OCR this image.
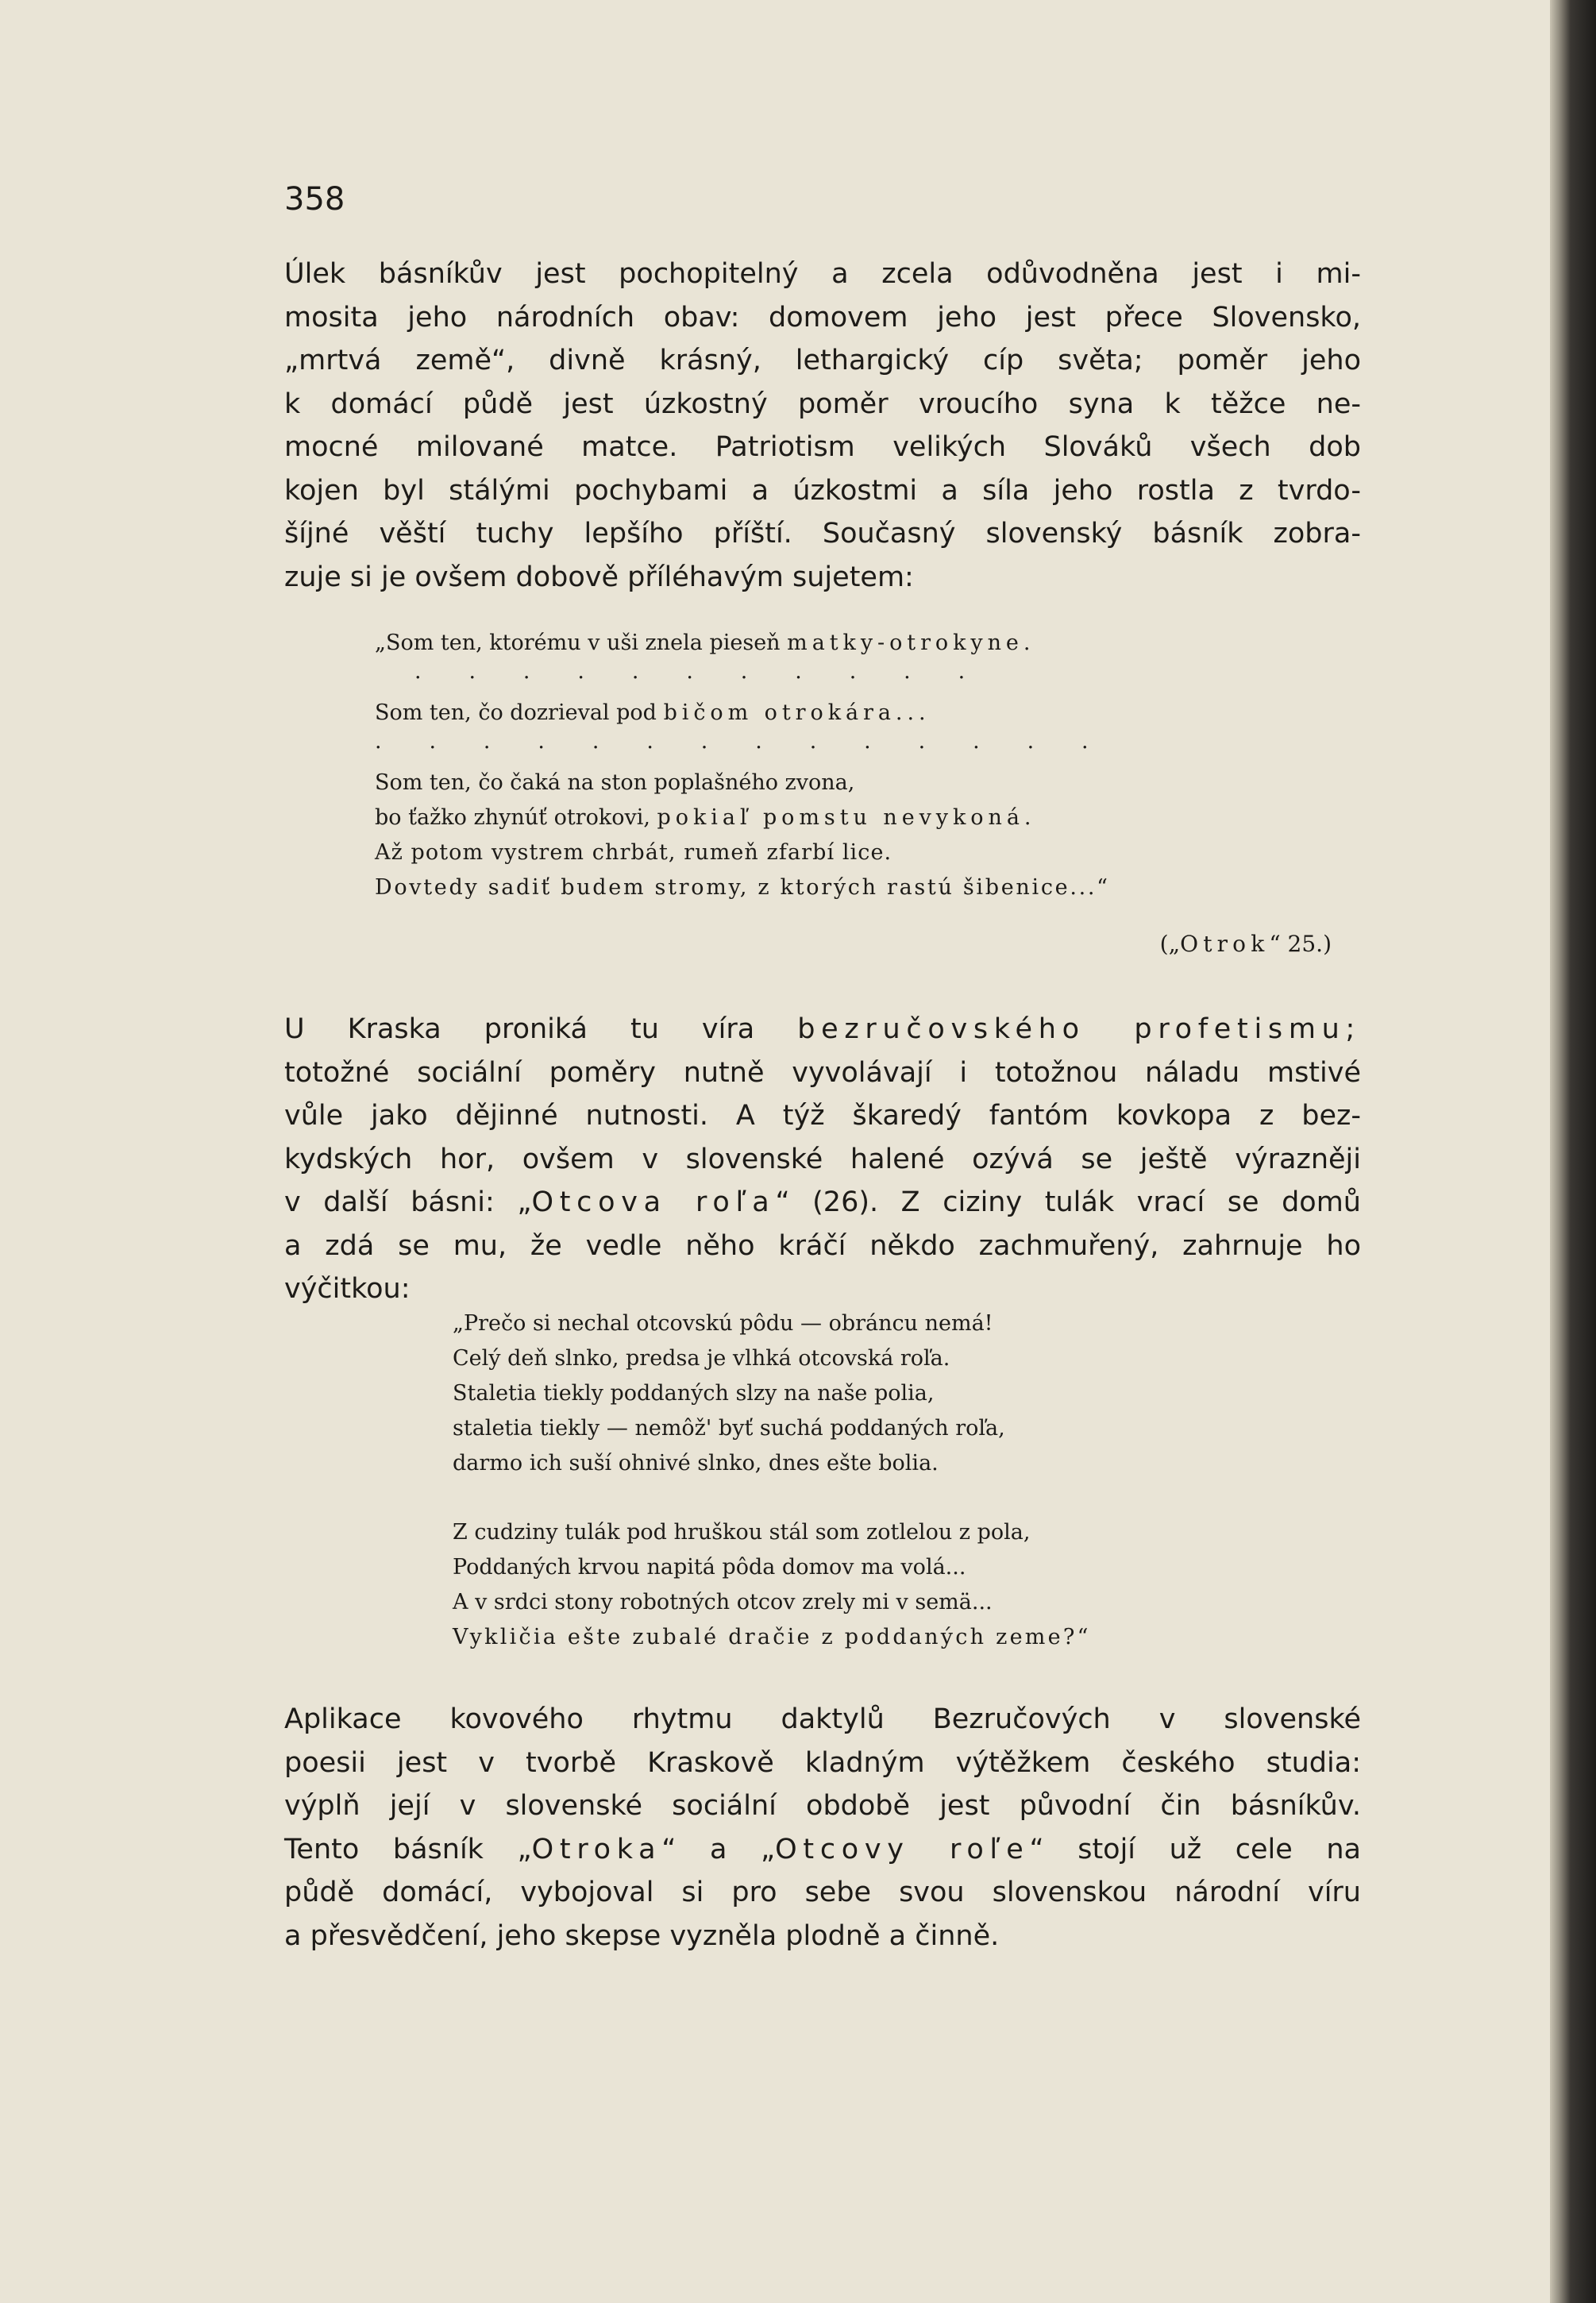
358

Úlek básníkův jest pochopitelný a zcela odůvodněna jest i mi-
mosita jeho národních obav: domovem jeho jest přece Slovensko,
„mrtvá země“, divně krásný, lethargický cíp světa; poměr jeho
k domácí půdě jest úzkostný poměr vroucího syna k těžce ne-
mocné milované matce. Patriotism velikých Slováků všech dob
kojen byl stálými pochybami a úzkostmi a síla jeho rostla z tvrdo-
šíjné věští tuchy lepšího příští. Současný slovenský básník zobra-
zuje si je ovšem dobově příléhavým sujetem:

„Som ten, ktorému v uši znela pieseň matky-otrokyne.
· · · · · · · · · · ·
Som ten, čo dozrieval pod bičom otrokára...
· · · · · · · · · · · · · ·
Som ten, čo čaká na ston poplašného zvona,
bo ťažko zhynúť otrokovi, pokiaľ pomstu nevykoná.
Až potom vystrem chrbát, rumeň zfarbí lice.
Dovtedy sadiť budem stromy, z ktorých rastú šibenice...“
(„Otrok“ 25.)

U Kraska proniká tu víra bezručovského profetismu;
totožné sociální poměry nutně vyvolávají i totožnou náladu mstivé
vůle jako dějinné nutnosti. A týž škaredý fantóm kovkopa z bez-
kydských hor, ovšem v slovenské halené ozývá se ještě výrazněji
v další básni: „Otcova roľa“ (26). Z ciziny tulák vrací se domů
a zdá se mu, že vedle něho kráčí někdo zachmuřený, zahrnuje ho
výčitkou:

„Prečo si nechal otcovskú pôdu — obráncu nemá!
Celý deň slnko, predsa je vlhká otcovská roľa.
Staletia tiekly poddaných slzy na naše polia,
staletia tiekly — nemôž' byť suchá poddaných roľa,
darmo ich suší ohnivé slnko, dnes ešte bolia.
Z cudziny tulák pod hruškou stál som zotlelou z pola,
Poddaných krvou napitá pôda domov ma volá...
A v srdci stony robotných otcov zrely mi v semä...
Vykličia ešte zubalé dračie z poddaných zeme?“

Aplikace kovového rhytmu daktylů Bezručových v slovenské
poesii jest v tvorbě Kraskově kladným výtěžkem českého studia:
výplň její v slovenské sociální obdobě jest původní čin básníkův.
Tento básník „Otroka“ a „Otcovy roľe“ stojí už cele na
půdě domácí, vybojoval si pro sebe svou slovenskou národní víru
a přesvědčení, jeho skepse vyzněla plodně a činně.
